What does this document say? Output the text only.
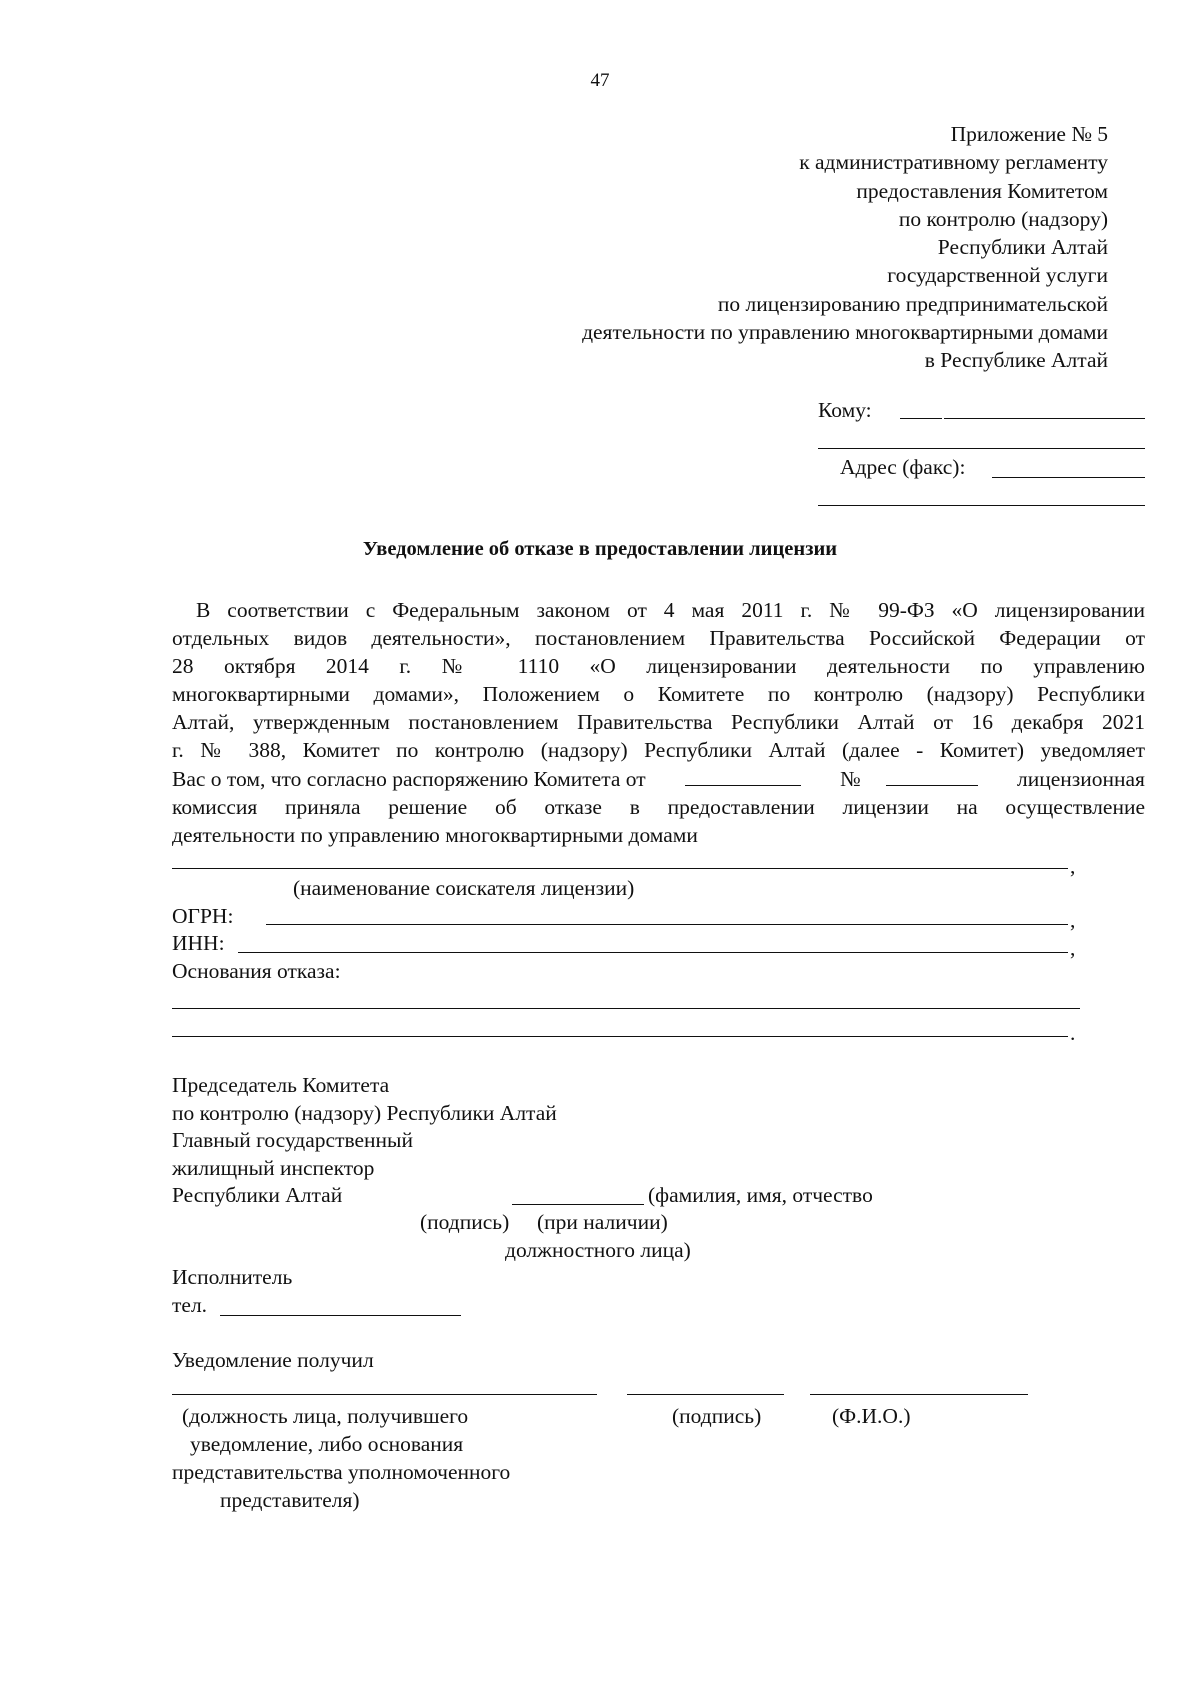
47
Приложение № 5
к административному регламенту
предоставления Комитетом
по контролю (надзору)
Республики Алтай
государственной услуги
по лицензированию предпринимательской
деятельности по управлению многоквартирными домами
в Республике Алтай
Кому:
Адрес (факс):
Уведомление об отказе в предоставлении лицензии
В соответствии с Федеральным законом от 4 мая 2011 г. № 99-ФЗ «О лицензировании
отдельных видов деятельности», постановлением Правительства Российской Федерации от
28 октября 2014 г. № 1110 «О лицензировании деятельности по управлению
многоквартирными домами», Положением о Комитете по контролю (надзору) Республики
Алтай, утвержденным постановлением Правительства Республики Алтай от 16 декабря 2021
г. № 388, Комитет по контролю (надзору) Республики Алтай (далее - Комитет) уведомляет
Вас о том, что согласно распоряжению Комитета от	№	лицензионная
комиссия приняла решение об отказе в предоставлении лицензии на осуществление
деятельности по управлению многоквартирными домами
,
(наименование соискателя лицензии)
ОГРН:	,
ИНН:	,
Основания отказа:
.
Председатель Комитета
по контролю (надзору) Республики Алтай
Главный государственный
жилищный инспектор
Республики Алтай	(фамилия, имя, отчество
(подпись) (при наличии)
должностного лица)
Исполнитель
тел.
Уведомление получил
(должность лица, получившего
уведомление, либо основания
представительства уполномоченного
представителя)
(подпись)	(Ф.И.О.)
